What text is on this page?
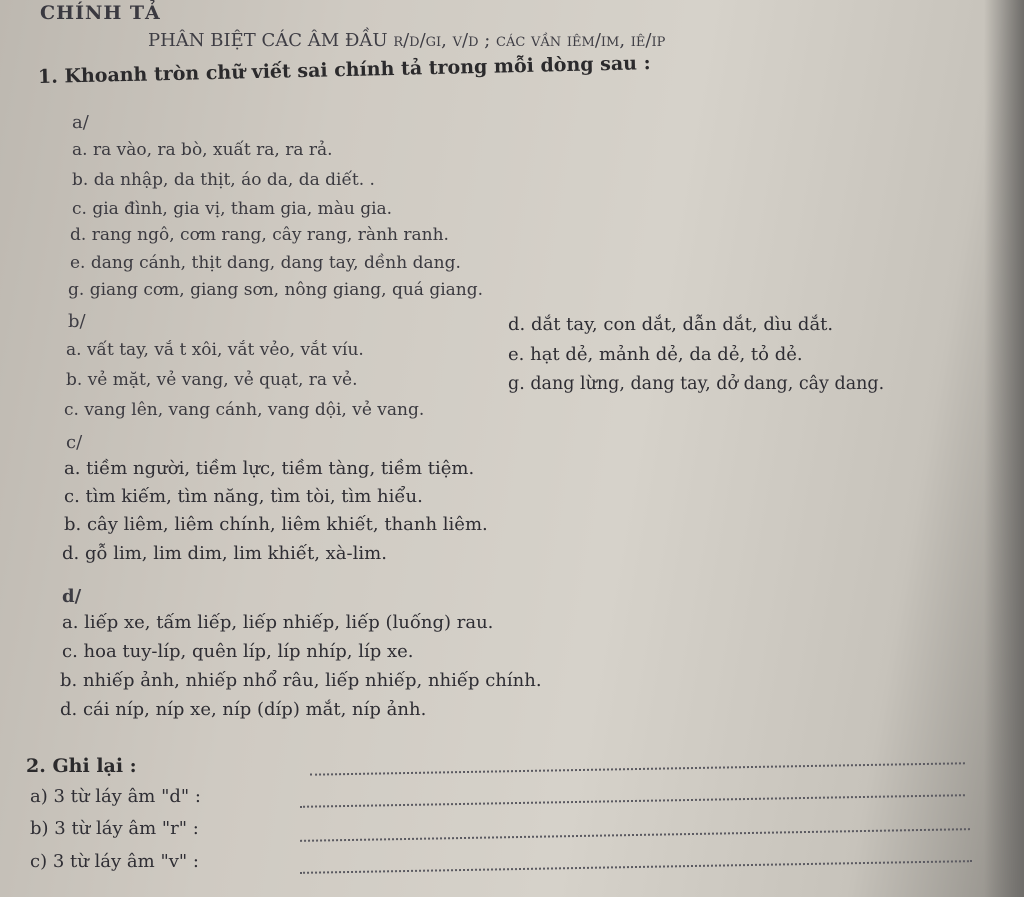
CHÍNH TẢ
PHÂN BIỆT CÁC ÂM ĐẦU r/d/gi, v/d ; các vần iêm/im, iê/ip
1. Khoanh tròn chữ viết sai chính tả trong mỗi dòng sau :
a/
a. ra vào, ra bò, xuất ra, ra rả.
b. da nhập, da thịt, áo da, da diết. .
c. gia đình, gia vị, tham gia, màu gia.
d. rang ngô, cơm rang, cây rang, rành ranh.
e. dang cánh, thịt dang, dang tay, dềnh dang.
g. giang cơm, giang sơn, nông giang, quá giang.
b/
a. vất tay, vắ t xôi, vắt vẻo, vắt víu.
b. vẻ mặt, vẻ vang, vẻ quạt, ra vẻ.
c. vang lên, vang cánh, vang dội, vẻ vang.
d. dắt tay, con dắt, dẫn dắt, dìu dắt.
e. hạt dẻ, mảnh dẻ, da dẻ, tỏ dẻ.
g. dang lừng, dang tay, dở dang, cây dang.
c/
a. tiềm người, tiềm lực, tiềm tàng, tiềm tiệm.
c. tìm kiếm, tìm năng, tìm tòi, tìm hiểu.
b. cây liêm, liêm chính, liêm khiết, thanh liêm.
d. gỗ lim, lim dim, lim khiết, xà-lim.
d/
a. liếp xe, tấm liếp, liếp nhiếp, liếp (luống) rau.
c. hoa tuy-líp, quên líp, líp nhíp, líp xe.
b. nhiếp ảnh, nhiếp nhổ râu, liếp nhiếp, nhiếp chính.
d. cái níp, níp xe, níp (díp) mắt, níp ảnh.
2. Ghi lại :
a) 3 từ láy âm "d" :
b) 3 từ láy âm "r" :
c) 3 từ láy âm "v" :
